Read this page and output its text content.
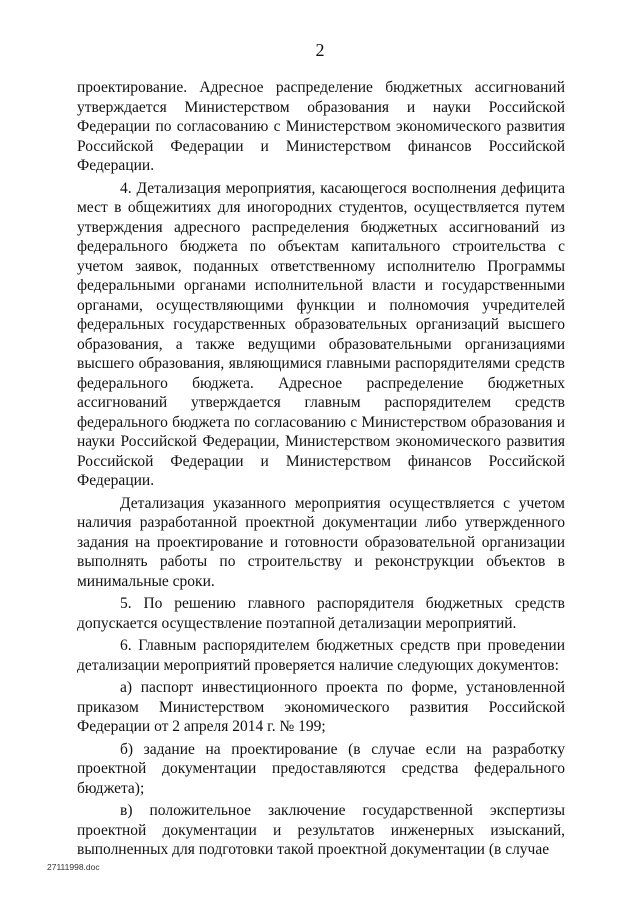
2

проектирование. Адресное распределение бюджетных ассигнований утверждается Министерством образования и науки Российской Федерации по согласованию с Министерством экономического развития Российской Федерации и Министерством финансов Российской Федерации.

4. Детализация мероприятия, касающегося восполнения дефицита мест в общежитиях для иногородних студентов, осуществляется путем утверждения адресного распределения бюджетных ассигнований из федерального бюджета по объектам капитального строительства с учетом заявок, поданных ответственному исполнителю Программы федеральными органами исполнительной власти и государственными органами, осуществляющими функции и полномочия учредителей федеральных государственных образовательных организаций высшего образования, а также ведущими образовательными организациями высшего образования, являющимися главными распорядителями средств федерального бюджета. Адресное распределение бюджетных ассигнований утверждается главным распорядителем средств федерального бюджета по согласованию с Министерством образования и науки Российской Федерации, Министерством экономического развития Российской Федерации и Министерством финансов Российской Федерации.

Детализация указанного мероприятия осуществляется с учетом наличия разработанной проектной документации либо утвержденного задания на проектирование и готовности образовательной организации выполнять работы по строительству и реконструкции объектов в минимальные сроки.

5. По решению главного распорядителя бюджетных средств допускается осуществление поэтапной детализации мероприятий.

6. Главным распорядителем бюджетных средств при проведении детализации мероприятий проверяется наличие следующих документов:

а) паспорт инвестиционного проекта по форме, установленной приказом Министерством экономического развития Российской Федерации от 2 апреля 2014 г. № 199;

б) задание на проектирование (в случае если на разработку проектной документации предоставляются средства федерального бюджета);

в) положительное заключение государственной экспертизы проектной документации и результатов инженерных изысканий, выполненных для подготовки такой проектной документации (в случае

27111998.doc
